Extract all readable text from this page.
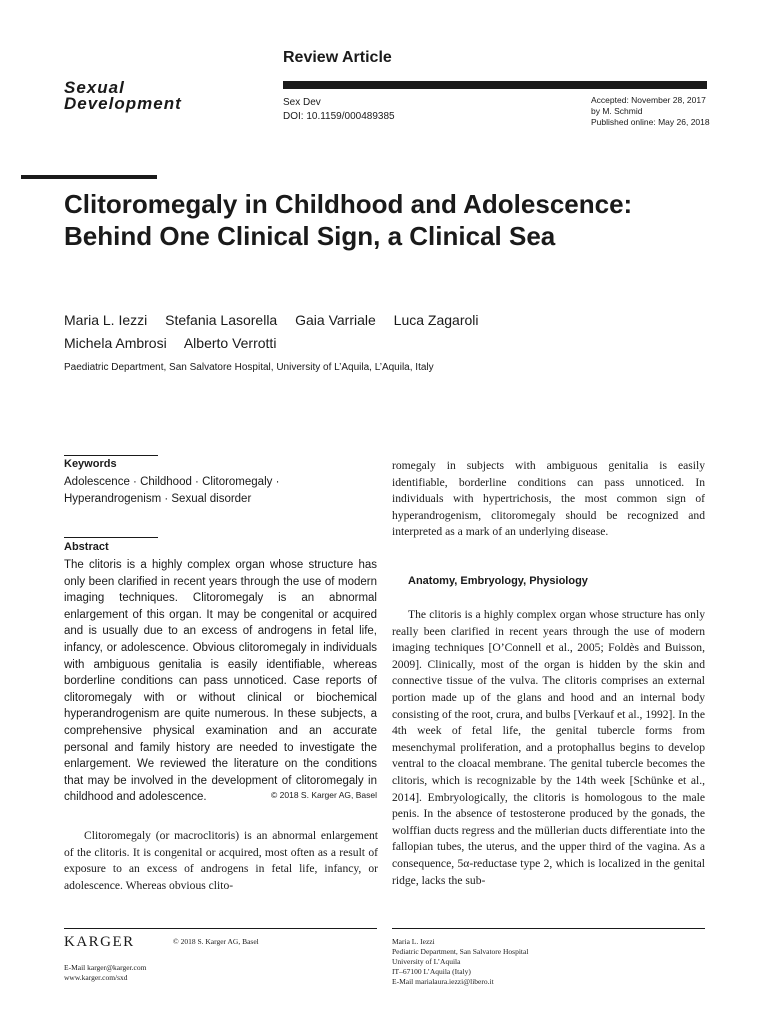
Review Article
Sexual
Development	Sex Dev
DOI: 10.1159/000489385
Accepted: November 28, 2017
by M. Schmid
Published online: May 26, 2018
Clitoromegaly in Childhood and Adolescence: Behind One Clinical Sign, a Clinical Sea
Maria L. Iezzi Stefania Lasorella Gaia Varriale Luca Zagaroli
Michela Ambrosi Alberto Verrotti
Paediatric Department, San Salvatore Hospital, University of L’Aquila, L’Aquila, Italy
Keywords
Adolescence · Childhood · Clitoromegaly · Hyperandrogenism · Sexual disorder
Abstract
The clitoris is a highly complex organ whose structure has only been clarified in recent years through the use of modern imaging techniques. Clitoromegaly is an abnormal enlargement of this organ. It may be congenital or acquired and is usually due to an excess of androgens in fetal life, infancy, or adolescence. Obvious clitoromegaly in individuals with ambiguous genitalia is easily identifiable, whereas borderline conditions can pass unnoticed. Case reports of clitoromegaly with or without clinical or biochemical hyperandrogenism are quite numerous. In these subjects, a comprehensive physical examination and an accurate personal and family history are needed to investigate the enlargement. We reviewed the literature on the conditions that may be involved in the development of clitoromegaly in childhood and adolescence.	© 2018 S. Karger AG, Basel
Clitoromegaly (or macroclitoris) is an abnormal enlargement of the clitoris. It is congenital or acquired, most often as a result of exposure to an excess of androgens in fetal life, infancy, or adolescence. Whereas obvious clito-
romegaly in subjects with ambiguous genitalia is easily identifiable, borderline conditions can pass unnoticed. In individuals with hypertrichosis, the most common sign of hyperandrogenism, clitoromegaly should be recognized and interpreted as a mark of an underlying disease.
Anatomy, Embryology, Physiology
The clitoris is a highly complex organ whose structure has only really been clarified in recent years through the use of modern imaging techniques [O’Connell et al., 2005; Foldès and Buisson, 2009]. Clinically, most of the organ is hidden by the skin and connective tissue of the vulva. The clitoris comprises an external portion made up of the glans and hood and an internal body consisting of the root, crura, and bulbs [Verkauf et al., 1992]. In the 4th week of fetal life, the genital tubercle forms from mesenchymal proliferation, and a protophallus begins to develop ventral to the cloacal membrane. The genital tubercle becomes the clitoris, which is recognizable by the 14th week [Schünke et al., 2014]. Embryologically, the clitoris is homologous to the male penis. In the absence of testosterone produced by the gonads, the wolffian ducts regress and the müllerian ducts differentiate into the fallopian tubes, the uterus, and the upper third of the vagina. As a consequence, 5α-reductase type 2, which is localized in the genital ridge, lacks the sub-
KARGER	© 2018 S. Karger AG, Basel
E-Mail karger@karger.com
www.karger.com/sxd
Maria L. Iezzi
Pediatric Department, San Salvatore Hospital
University of L’Aquila
IT–67100 L’Aquila (Italy)
E-Mail marialaura.iezzi@libero.it
